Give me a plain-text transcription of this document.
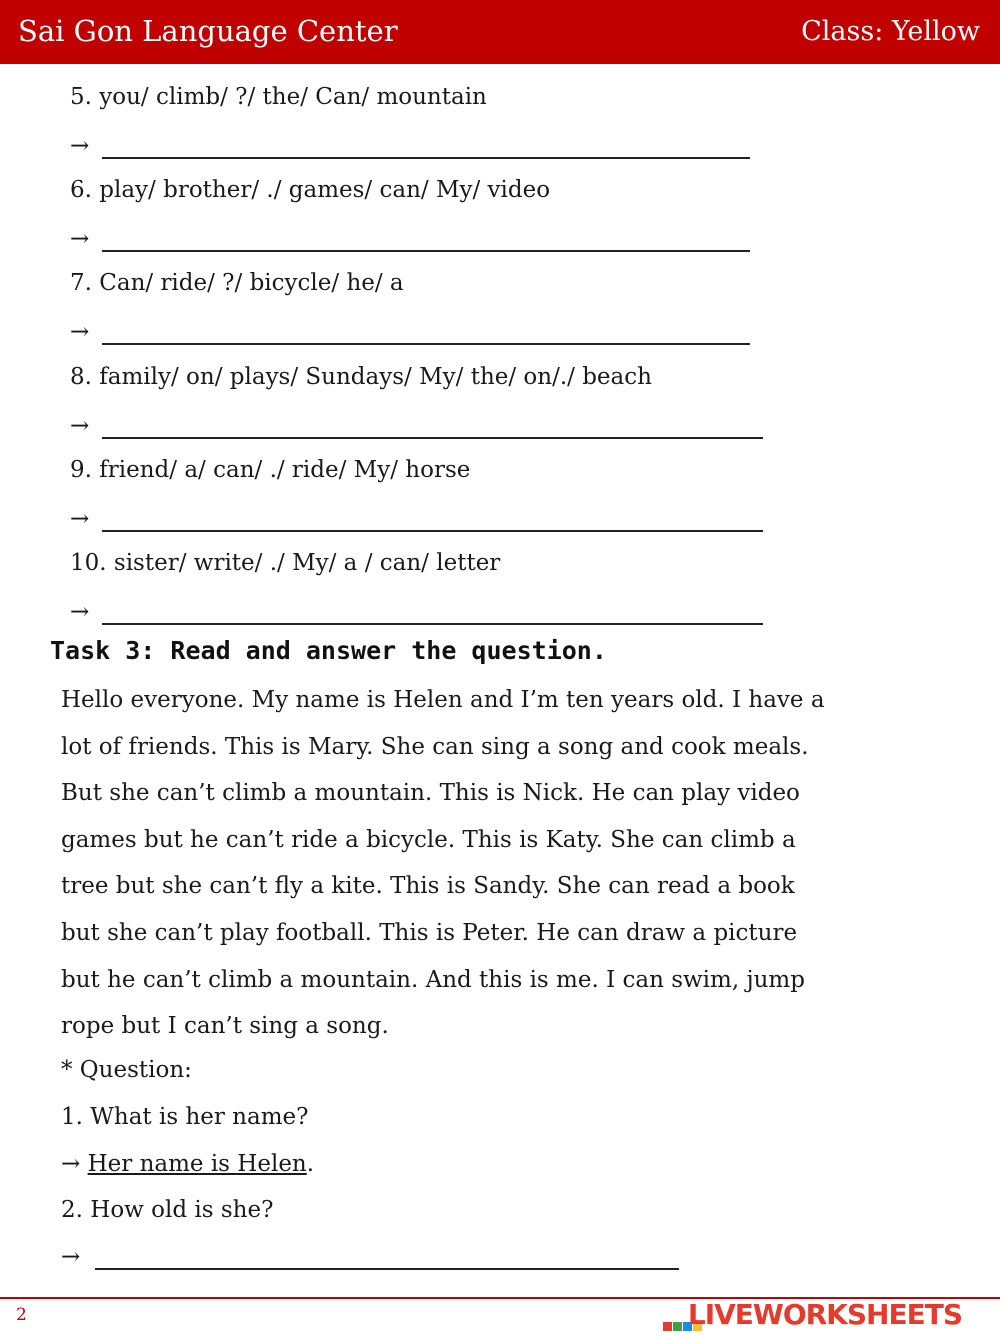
Sai Gon Language Center	Class: Yellow
5. you/ climb/ ?/ the/ Can/ mountain
→
6. play/ brother/ ./ games/ can/ My/ video
→
7. Can/ ride/ ?/ bicycle/ he/ a
→
8. family/ on/ plays/ Sundays/ My/ the/ on/./ beach
→
9. friend/ a/ can/ ./ ride/ My/ horse
→
10. sister/ write/ ./ My/ a / can/ letter
→
Task 3: Read and answer the question.
Hello everyone. My name is Helen and I’m ten years old. I have a
lot of friends. This is Mary. She can sing a song and cook meals.
But she can’t climb a mountain. This is Nick. He can play video
games but he can’t ride a bicycle. This is Katy. She can climb a
tree but she can’t fly a kite. This is Sandy. She can read a book
but she can’t play football. This is Peter. He can draw a picture
but he can’t climb a mountain. And this is me. I can swim, jump
rope but I can’t sing a song.
* Question:
1. What is her name?
→ Her name is Helen.
2. How old is she?
→
2	LIVEWORKSHEETS
